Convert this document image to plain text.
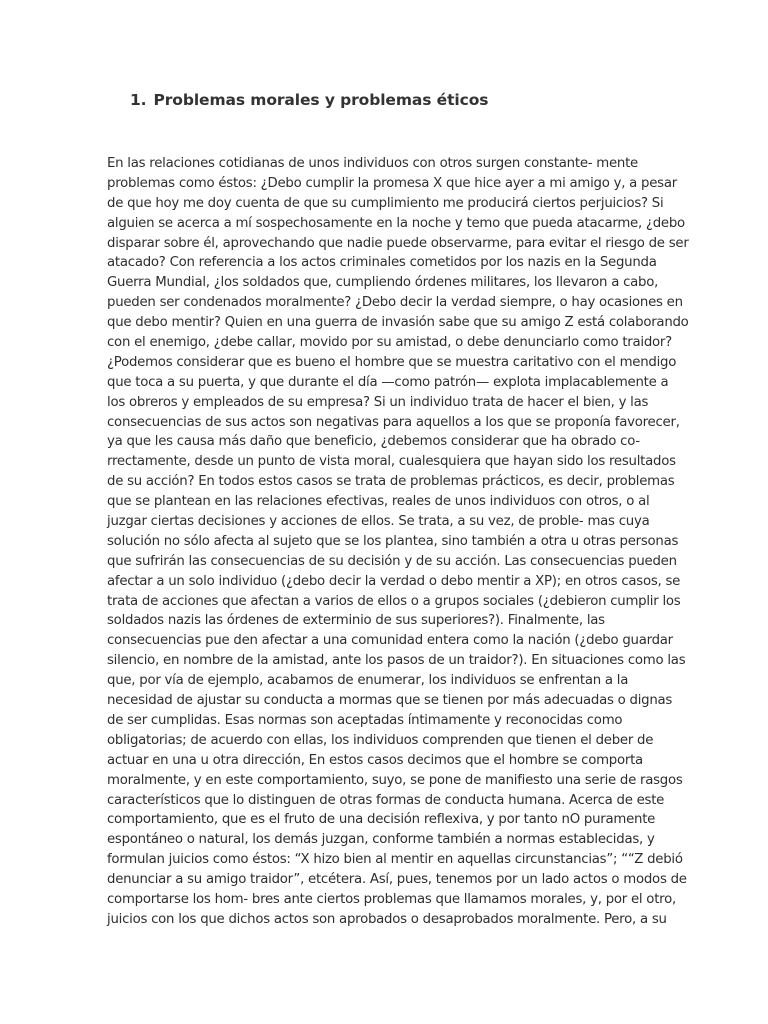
1. Problemas morales y problemas éticos
En las relaciones cotidianas de unos individuos con otros surgen constante- mente
problemas como éstos: ¿Debo cumplir la promesa X que hice ayer a mi amigo y, a pesar
de que hoy me doy cuenta de que su cumplimiento me producirá ciertos perjuicios? Si
alguien se acerca a mí sospechosamente en la noche y temo que pueda atacarme, ¿debo
disparar sobre él, aprovechando que nadie puede observarme, para evitar el riesgo de ser
atacado? Con referencia a los actos criminales cometidos por los nazis en la Segunda
Guerra Mundial, ¿los soldados que, cumpliendo órdenes militares, los llevaron a cabo,
pueden ser condenados moralmente? ¿Debo decir la verdad siempre, o hay ocasiones en
que debo mentir? Quien en una guerra de invasión sabe que su amigo Z está colaborando
con el enemigo, ¿debe callar, movido por su amistad, o debe denunciarlo como traidor?
¿Podemos considerar que es bueno el hombre que se muestra caritativo con el mendigo
que toca a su puerta, y que durante el día —como patrón— explota implacablemente a
los obreros y empleados de su empresa? Si un individuo trata de hacer el bien, y las
consecuencias de sus actos son negativas para aquellos a los que se proponía favorecer,
ya que les causa más daño que beneficio, ¿debemos considerar que ha obrado co-
rrectamente, desde un punto de vista moral, cualesquiera que hayan sido los resultados
de su acción? En todos estos casos se trata de problemas prácticos, es decir, problemas
que se plantean en las relaciones efectivas, reales de unos individuos con otros, o al
juzgar ciertas decisiones y acciones de ellos. Se trata, a su vez, de proble- mas cuya
solución no sólo afecta al sujeto que se los plantea, sino también a otra u otras personas
que sufrirán las consecuencias de su decisión y de su acción. Las consecuencias pueden
afectar a un solo individuo (¿debo decir la verdad o debo mentir a XP); en otros casos, se
trata de acciones que afectan a varios de ellos o a grupos sociales (¿debieron cumplir los
soldados nazis las órdenes de exterminio de sus superiores?). Finalmente, las
consecuencias pue den afectar a una comunidad entera como la nación (¿debo guardar
silencio, en nombre de la amistad, ante los pasos de un traidor?). En situaciones como las
que, por vía de ejemplo, acabamos de enumerar, los individuos se enfrentan a la
necesidad de ajustar su conducta a mormas que se tienen por más adecuadas o dignas
de ser cumplidas. Esas normas son aceptadas íntimamente y reconocidas como
obligatorias; de acuerdo con ellas, los individuos comprenden que tienen el deber de
actuar en una u otra dirección, En estos casos decimos que el hombre se comporta
moralmente, y en este comportamiento, suyo, se pone de manifiesto una serie de rasgos
característicos que lo distinguen de otras formas de conducta humana. Acerca de este
comportamiento, que es el fruto de una decisión reflexiva, y por tanto nO puramente
espontáneo o natural, los demás juzgan, conforme también a normas establecidas, y
formulan juicios como éstos: “X hizo bien al mentir en aquellas circunstancias”; ““Z debió
denunciar a su amigo traidor”, etcétera. Así, pues, tenemos por un lado actos o modos de
comportarse los hom- bres ante ciertos problemas que llamamos morales, y, por el otro,
juicios con los que dichos actos son aprobados o desaprobados moralmente. Pero, a su
